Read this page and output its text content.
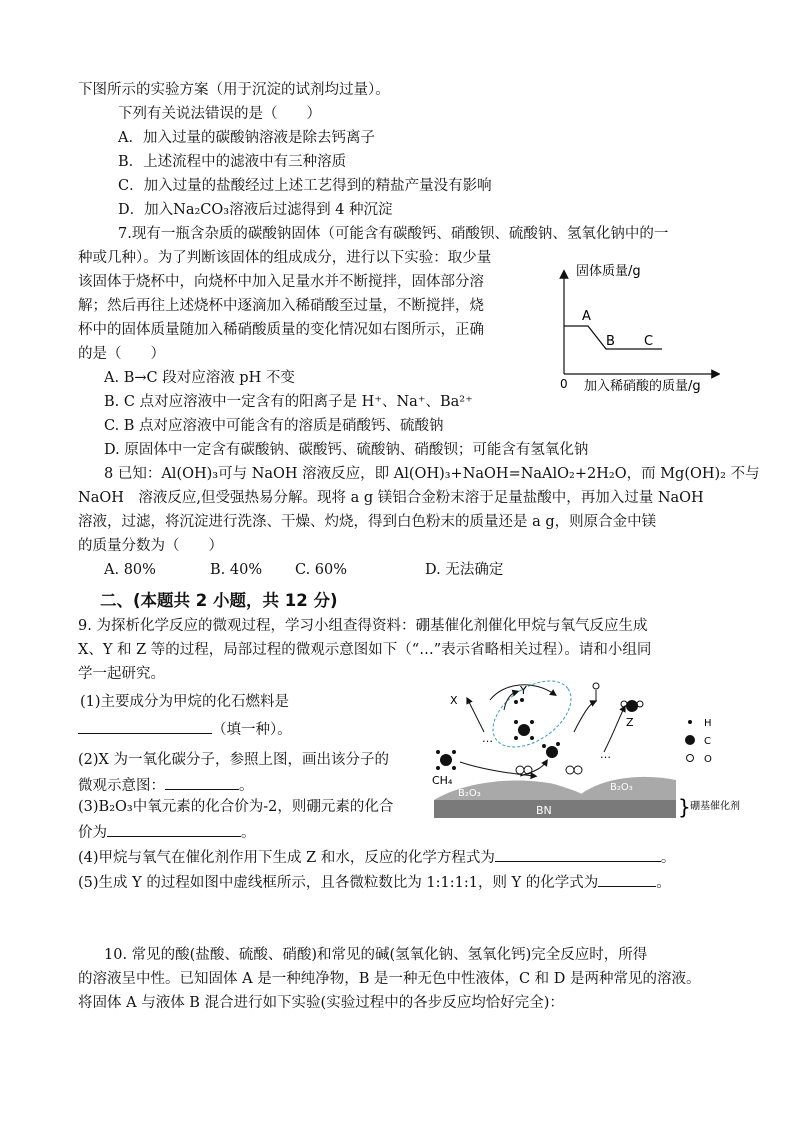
下图所示的实验方案（用于沉淀的试剂均过量）。
下列有关说法错误的是（　　）
A．加入过量的碳酸钠溶液是除去钙离子
B．上述流程中的滤液中有三种溶质
C．加入过量的盐酸经过上述工艺得到的精盐产量没有影响
D．加入Na₂CO₃溶液后过滤得到 4 种沉淀
7.现有一瓶含杂质的碳酸钠固体（可能含有碳酸钙、硝酸钡、硫酸钠、氢氧化钠中的一
种或几种）。为了判断该固体的组成成分，进行以下实验：取少量
该固体于烧杯中，向烧杯中加入足量水并不断搅拌，固体部分溶
解；然后再往上述烧杯中逐滴加入稀硝酸至过量，不断搅拌，烧
杯中的固体质量随加入稀硝酸质量的变化情况如右图所示，正确
的是（　　）
A. B→C 段对应溶液 pH 不变
B. C 点对应溶液中一定含有的阳离子是 H⁺、Na⁺、Ba²⁺
C. B 点对应溶液中可能含有的溶质是硝酸钙、硫酸钠
D. 原固体中一定含有碳酸钠、碳酸钙、硫酸钠、硝酸钡；可能含有氢氧化钠
固体质量/g
A
B C
0 加入稀硝酸的质量/g
8 已知：Al(OH)₃可与 NaOH 溶液反应，即 Al(OH)₃+NaOH=NaAlO₂+2H₂O，而 Mg(OH)₂ 不与
NaOH　溶液反应,但受强热易分解。现将 a g 镁铝合金粉末溶于足量盐酸中，再加入过量 NaOH
溶液，过滤，将沉淀进行洗涤、干燥、灼烧，得到白色粉末的质量还是 a g，则原合金中镁
的质量分数为（　　）
A. 80%	B. 40% C. 60%	D. 无法确定
二、(本题共 2 小题，共 12 分)
9. 为探析化学反应的微观过程，学习小组查得资料：硼基催化剂催化甲烷与氧气反应生成
X、Y 和 Z 等的过程，局部过程的微观示意图如下（“…”表示省略相关过程）。请和小组同
学一起研究。
(1)主要成分为甲烷的化石燃料是
（填一种）。
(2)X 为一氧化碳分子，参照上图，画出该分子的
微观示意图：	。
(3)B₂O₃中氧元素的化合价为-2，则硼元素的化合
价为	。
(4)甲烷与氧气在催化剂作用下生成 Z 和水，反应的化学方程式为	。
(5)生成 Y 的过程如图中虚线框所示，且各微粒数比为 1:1:1:1，则 Y 的化学式为	。
BN
B₂O₃
B₂O₃
} 硼基催化剂
CH₄
X
…
Y
…
Z	H
C
O
10. 常见的酸(盐酸、硫酸、硝酸)和常见的碱(氢氧化钠、氢氧化钙)完全反应时，所得
的溶液呈中性。已知固体 A 是一种纯净物，B 是一种无色中性液体，C 和 D 是两种常见的溶液。
将固体 A 与液体 B 混合进行如下实验(实验过程中的各步反应均恰好完全)：
